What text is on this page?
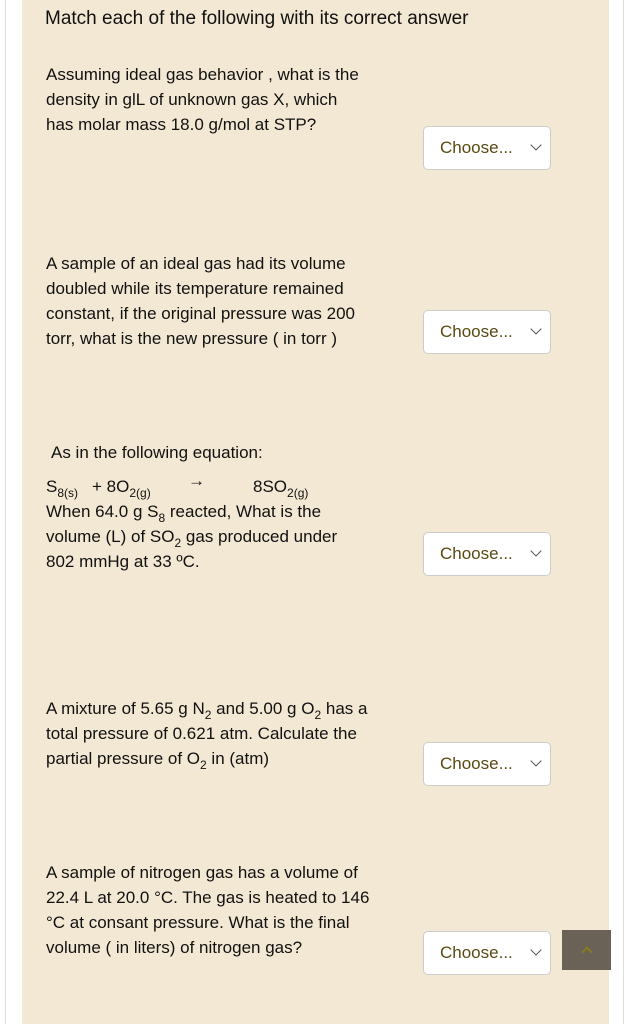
Match each of the following with its correct answer
Assuming ideal gas behavior , what is the
density in glL of unknown gas X, which
has molar mass 18.0 g/mol at STP?
Choose...
A sample of an ideal gas had its volume
doubled while its temperature remained
constant, if the original pressure was 200
torr, what is the new pressure ( in torr )	Choose...
As in the following equation:
$S_{8(s)} + 8O_{2(g)}$
→	$8SO_{2(g)}$
When 64.0 g $S_8$ reacted, What is the
volume (L) of $SO_2$ gas produced under
802 mmHg at 33 ºC.	Choose...
A mixture of 5.65 g $N_2$ and 5.00 g $O_2$ has a
total pressure of 0.621 atm. Calculate the
partial pressure of $O_2$ in (atm)	Choose...
A sample of nitrogen gas has a volume of
22.4 L at 20.0 °C. The gas is heated to 146
°C at consant pressure. What is the final
volume ( in liters) of nitrogen gas?	Choose...
